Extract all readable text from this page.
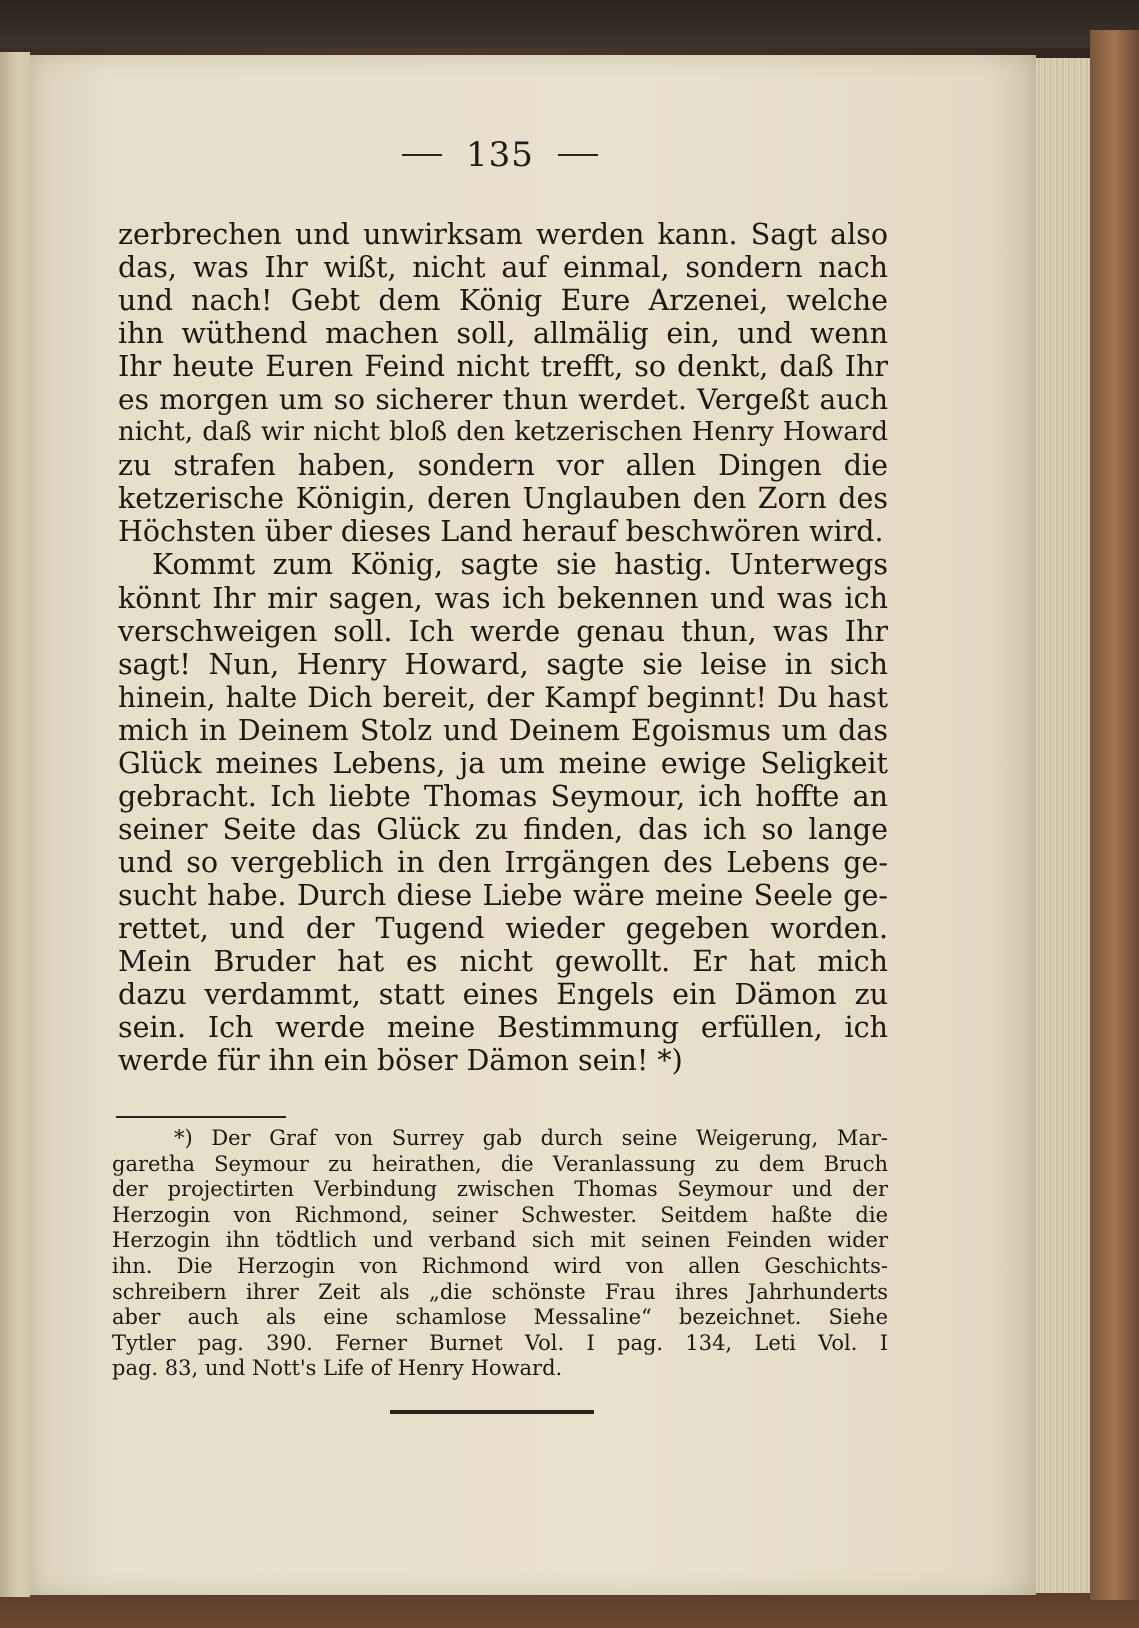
135
zerbrechen und unwirksam werden kann. Sagt also
das, was Ihr wißt, nicht auf einmal, sondern nach
und nach! Gebt dem König Eure Arzenei, welche
ihn wüthend machen soll, allmälig ein, und wenn
Ihr heute Euren Feind nicht trefft, so denkt, daß Ihr
es morgen um so sicherer thun werdet. Vergeßt auch
nicht, daß wir nicht bloß den ketzerischen Henry Howard
zu strafen haben, sondern vor allen Dingen die
ketzerische Königin, deren Unglauben den Zorn des
Höchsten über dieses Land herauf beschwören wird.
Kommt zum König, sagte sie hastig. Unterwegs
könnt Ihr mir sagen, was ich bekennen und was ich
verschweigen soll. Ich werde genau thun, was Ihr
sagt! Nun, Henry Howard, sagte sie leise in sich
hinein, halte Dich bereit, der Kampf beginnt! Du hast
mich in Deinem Stolz und Deinem Egoismus um das
Glück meines Lebens, ja um meine ewige Seligkeit
gebracht. Ich liebte Thomas Seymour, ich hoffte an
seiner Seite das Glück zu finden, das ich so lange
und so vergeblich in den Irrgängen des Lebens ge-
sucht habe. Durch diese Liebe wäre meine Seele ge-
rettet, und der Tugend wieder gegeben worden.
Mein Bruder hat es nicht gewollt. Er hat mich
dazu verdammt, statt eines Engels ein Dämon zu
sein. Ich werde meine Bestimmung erfüllen, ich
werde für ihn ein böser Dämon sein! *)
*) Der Graf von Surrey gab durch seine Weigerung, Mar-
garetha Seymour zu heirathen, die Veranlassung zu dem Bruch
der projectirten Verbindung zwischen Thomas Seymour und der
Herzogin von Richmond, seiner Schwester. Seitdem haßte die
Herzogin ihn tödtlich und verband sich mit seinen Feinden wider
ihn. Die Herzogin von Richmond wird von allen Geschichts-
schreibern ihrer Zeit als „die schönste Frau ihres Jahrhunderts
aber auch als eine schamlose Messaline“ bezeichnet. Siehe
Tytler pag. 390. Ferner Burnet Vol. I pag. 134, Leti Vol. I
pag. 83, und Nott's Life of Henry Howard.
